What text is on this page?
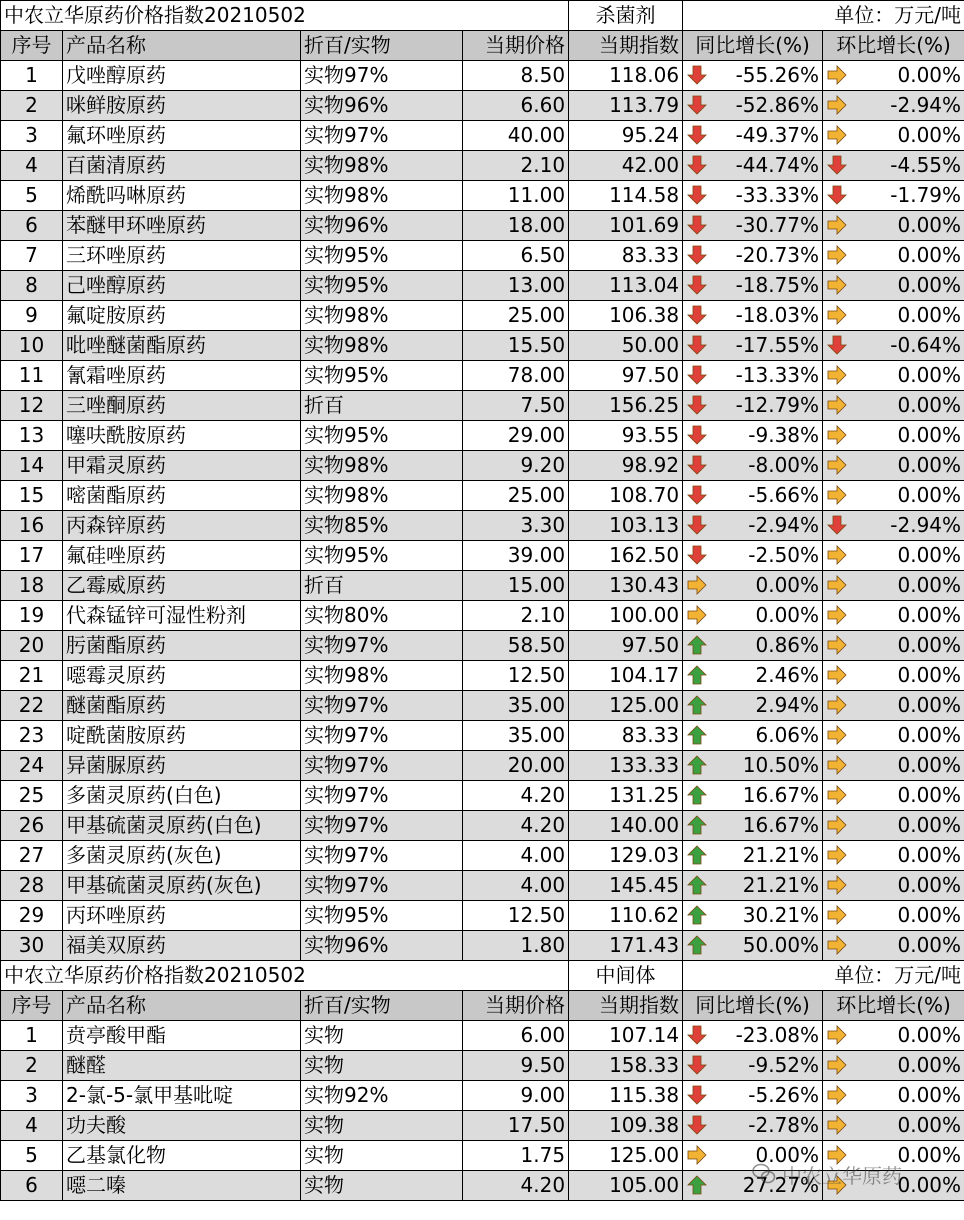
中农立华原药价格指数20210502				杀菌剂	单位：万元/吨	
序号	产品名称	折百/实物	当期价格	当期指数	同比增长(%)	环比增长(%)
1	戊唑醇原药	实物97%	8.50	118.06	-55.26%	0.00%

2	咪鲜胺原药	实物96%	6.60	113.79	-52.86%	-2.94%

3	氟环唑原药	实物97%	40.00	95.24	-49.37%	0.00%

4	百菌清原药	实物98%	2.10	42.00	-44.74%	-4.55%

5	烯酰吗啉原药	实物98%	11.00	114.58	-33.33%	-1.79%

6	苯醚甲环唑原药	实物96%	18.00	101.69	-30.77%	0.00%

7	三环唑原药	实物95%	6.50	83.33	-20.73%	0.00%

8	己唑醇原药	实物95%	13.00	113.04	-18.75%	0.00%

9	氟啶胺原药	实物98%	25.00	106.38	-18.03%	0.00%

10	吡唑醚菌酯原药	实物98%	15.50	50.00	-17.55%	-0.64%

11	氰霜唑原药	实物95%	78.00	97.50	-13.33%	0.00%

12	三唑酮原药	折百	7.50	156.25	-12.79%	0.00%

13	噻呋酰胺原药	实物95%	29.00	93.55	-9.38%	0.00%

14	甲霜灵原药	实物98%	9.20	98.92	-8.00%	0.00%

15	嘧菌酯原药	实物98%	25.00	108.70	-5.66%	0.00%

16	丙森锌原药	实物85%	3.30	103.13	-2.94%	-2.94%

17	氟硅唑原药	实物95%	39.00	162.50	-2.50%	0.00%

18	乙霉威原药	折百	15.00	130.43	0.00%	0.00%

19	代森锰锌可湿性粉剂	实物80%	2.10	100.00	0.00%	0.00%

20	肟菌酯原药	实物97%	58.50	97.50	0.86%	0.00%

21	噁霉灵原药	实物98%	12.50	104.17	2.46%	0.00%

22	醚菌酯原药	实物97%	35.00	125.00	2.94%	0.00%

23	啶酰菌胺原药	实物97%	35.00	83.33	6.06%	0.00%

24	异菌脲原药	实物97%	20.00	133.33	10.50%	0.00%

25	多菌灵原药(白色)	实物97%	4.20	131.25	16.67%	0.00%

26	甲基硫菌灵原药(白色)	实物97%	4.20	140.00	16.67%	0.00%

27	多菌灵原药(灰色)	实物97%	4.00	129.03	21.21%	0.00%

28	甲基硫菌灵原药(灰色)	实物97%	4.00	145.45	21.21%	0.00%

29	丙环唑原药	实物95%	12.50	110.62	30.21%	0.00%

30	福美双原药	实物96%	1.80	171.43	50.00%	0.00%

中农立华原药价格指数20210502				中间体	单位：万元/吨	
序号	产品名称	折百/实物	当期价格	当期指数	同比增长(%)	环比增长(%)
1	贲亭酸甲酯	实物	6.00	107.14	-23.08%	0.00%

2	醚醛	实物	9.50	158.33	-9.52%	0.00%

3	2-氯-5-氯甲基吡啶	实物92%	9.00	115.38	-5.26%	0.00%

4	功夫酸	实物	17.50	109.38	-2.78%	0.00%

5	乙基氯化物	实物	1.75	125.00	0.00%	0.00%

6	噁二嗪	实物	4.20	105.00	27.27%	0.00%
中农立华原药
